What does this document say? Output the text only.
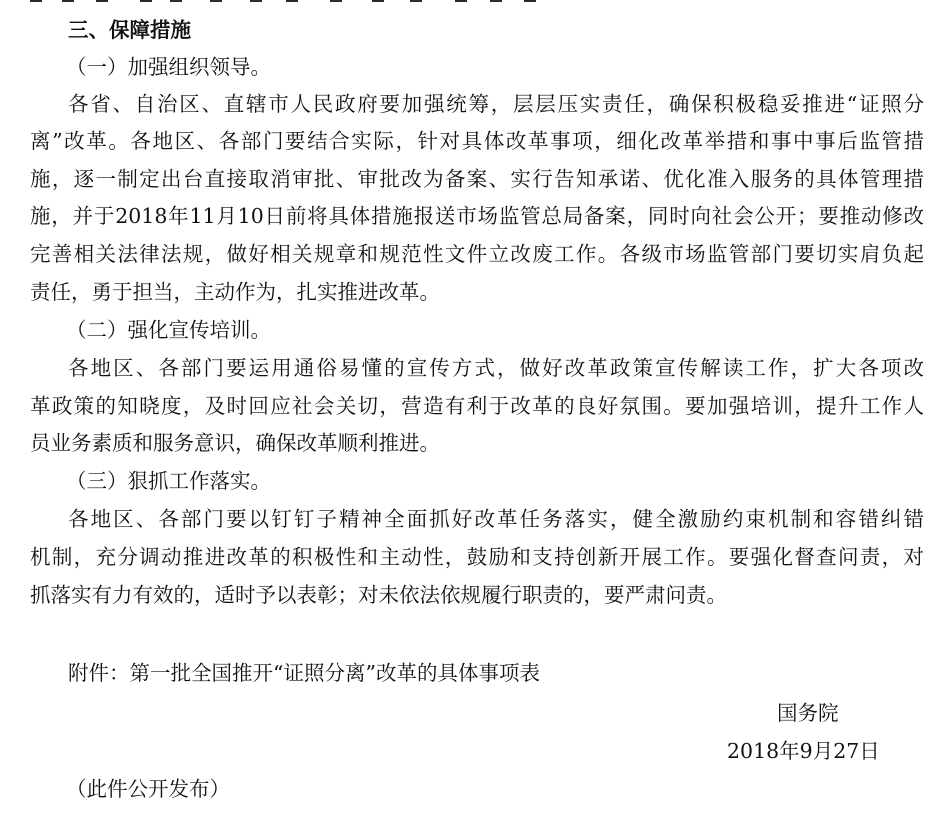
三、保障措施
（一）加强组织领导。
各省、自治区、直辖市人民政府要加强统筹，层层压实责任，确保积极稳妥推进“证照分
离”改革。各地区、各部门要结合实际，针对具体改革事项，细化改革举措和事中事后监管措
施，逐一制定出台直接取消审批、审批改为备案、实行告知承诺、优化准入服务的具体管理措
施，并于2018年11月10日前将具体措施报送市场监管总局备案，同时向社会公开；要推动修改
完善相关法律法规，做好相关规章和规范性文件立改废工作。各级市场监管部门要切实肩负起
责任，勇于担当，主动作为，扎实推进改革。
（二）强化宣传培训。
各地区、各部门要运用通俗易懂的宣传方式，做好改革政策宣传解读工作，扩大各项改
革政策的知晓度，及时回应社会关切，营造有利于改革的良好氛围。要加强培训，提升工作人
员业务素质和服务意识，确保改革顺利推进。
（三）狠抓工作落实。
各地区、各部门要以钉钉子精神全面抓好改革任务落实，健全激励约束机制和容错纠错
机制，充分调动推进改革的积极性和主动性，鼓励和支持创新开展工作。要强化督查问责，对
抓落实有力有效的，适时予以表彰；对未依法依规履行职责的，要严肃问责。
附件：第一批全国推开“证照分离”改革的具体事项表
国务院
2018年9月27日
（此件公开发布）
